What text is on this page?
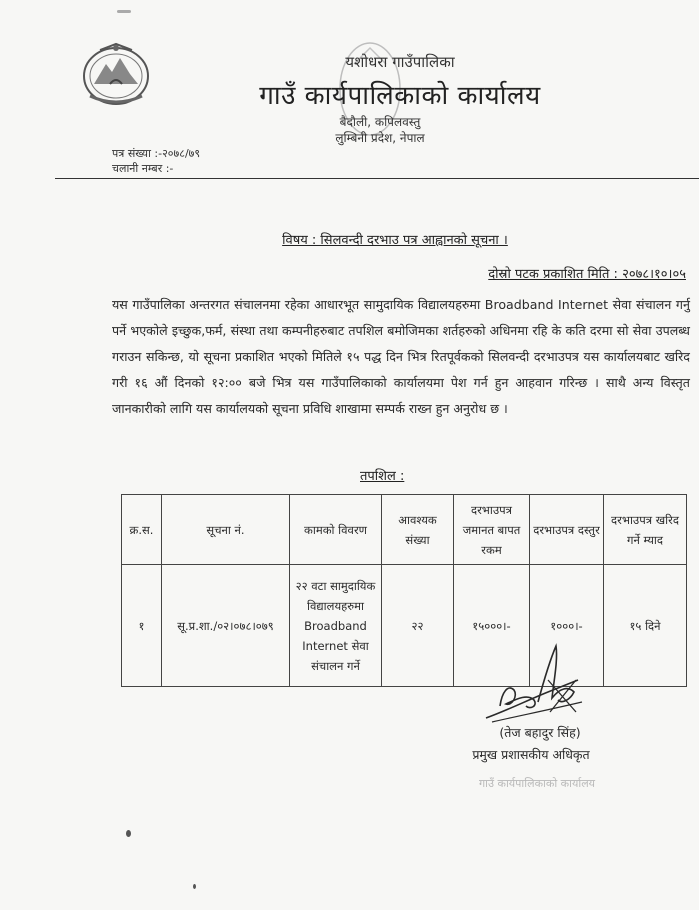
यशोधरा गाउँपालिका
गाउँ कार्यपालिकाको कार्यालय
बैदौली, कपिलवस्तु
लुम्बिनी प्रदेश, नेपाल
पत्र संख्या :-२०७८/७९
चलानी नम्बर :-
विषय : सिलवन्दी दरभाउ पत्र आह्वानको सूचना ।
दोस्रो पटक प्रकाशित मिति : २०७८।१०।०५
यस गाउँपालिका अन्तरगत संचालनमा रहेका आधारभूत सामुदायिक विद्यालयहरुमा Broadband Internet सेवा संचालन गर्नु पर्ने भएकोले इच्छुक,फर्म, संस्था तथा कम्पनीहरुबाट तपशिल बमोजिमका शर्तहरुको अधिनमा रहि के कति दरमा सो सेवा उपलब्ध गराउन सकिन्छ, यो सूचना प्रकाशित भएको मितिले १५ पद्ध दिन भित्र रितपूर्वकको सिलवन्दी दरभाउपत्र यस कार्यालयबाट खरिद गरी १६ औं दिनको १२:०० बजे भित्र यस गाउँपालिकाको कार्यालयमा पेश गर्न हुन आहवान गरिन्छ । साथै अन्य विस्तृत जानकारीको लागि यस कार्यालयको सूचना प्रविधि शाखामा सम्पर्क राख्न हुन अनुरोध छ ।
तपशिल :
क्र.स.	सूचना नं.	कामको विवरण	आवश्यक संख्या	दरभाउपत्र जमानत बापत रकम	दरभाउपत्र दस्तुर	दरभाउपत्र खरिद गर्ने म्याद
१	सू.प्र.शा./०२।०७८।०७९	२२ वटा सामुदायिक विद्यालयहरुमा Broadband Internet सेवा संचालन गर्ने	२२	१५०००।-	१०००।-	१५ दिने
(तेज बहादुर सिंह)
प्रमुख प्रशासकीय अधिकृत
गाउँ कार्यपालिकाको कार्यालय
